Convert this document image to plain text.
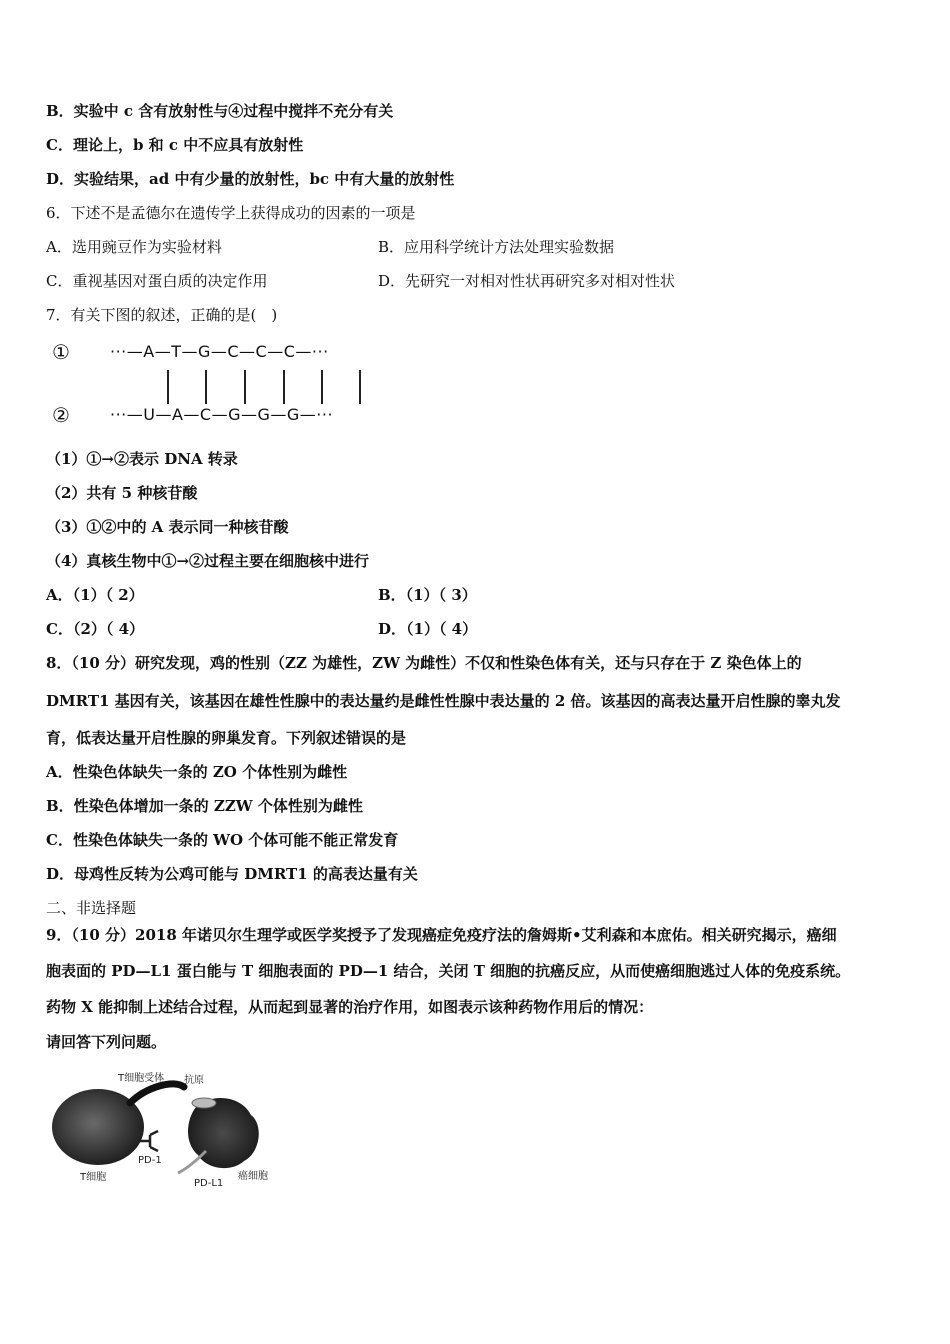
B．实验中 c 含有放射性与④过程中搅拌不充分有关
C．理论上，b 和 c 中不应具有放射性
D．实验结果，ad 中有少量的放射性，bc 中有大量的放射性
6．下述不是孟德尔在遗传学上获得成功的因素的一项是
A．选用豌豆作为实验材料	B．应用科学统计方法处理实验数据
C．重视基因对蛋白质的决定作用	D．先研究一对相对性状再研究多对相对性状
7．有关下图的叙述，正确的是(　)
①
②
···—A—T—G—C—C—C—···
···—U—A—C—G—G—G—···
（1）①→②表示 DNA 转录
（2）共有 5 种核苷酸
（3）①②中的 A 表示同一种核苷酸
（4）真核生物中①→②过程主要在细胞核中进行
A．（1）（ 2）	B．（1）（ 3）
C．（2）（ 4）	D．（1）（ 4）
8．（10 分）研究发现，鸡的性别（ZZ 为雄性，ZW 为雌性）不仅和性染色体有关，还与只存在于 Z 染色体上的
DMRT1 基因有关，该基因在雄性性腺中的表达量约是雌性性腺中表达量的 2 倍。该基因的高表达量开启性腺的睾丸发
育，低表达量开启性腺的卵巢发育。下列叙述错误的是
A．性染色体缺失一条的 ZO 个体性别为雌性
B．性染色体增加一条的 ZZW 个体性别为雌性
C．性染色体缺失一条的 WO 个体可能不能正常发育
D．母鸡性反转为公鸡可能与 DMRT1 的高表达量有关
二、非选择题
9．（10 分）2018 年诺贝尔生理学或医学奖授予了发现癌症免疫疗法的詹姆斯•艾利森和本庶佑。相关研究揭示，癌细
胞表面的 PD—L1 蛋白能与 T 细胞表面的 PD—1 结合，关闭 T 细胞的抗癌反应，从而使癌细胞逃过人体的免疫系统。
药物 X 能抑制上述结合过程，从而起到显著的治疗作用，如图表示该种药物作用后的情况：
请回答下列问题。
T细胞受体 抗原
PD-1
T细胞
PD-L1
癌细胞
